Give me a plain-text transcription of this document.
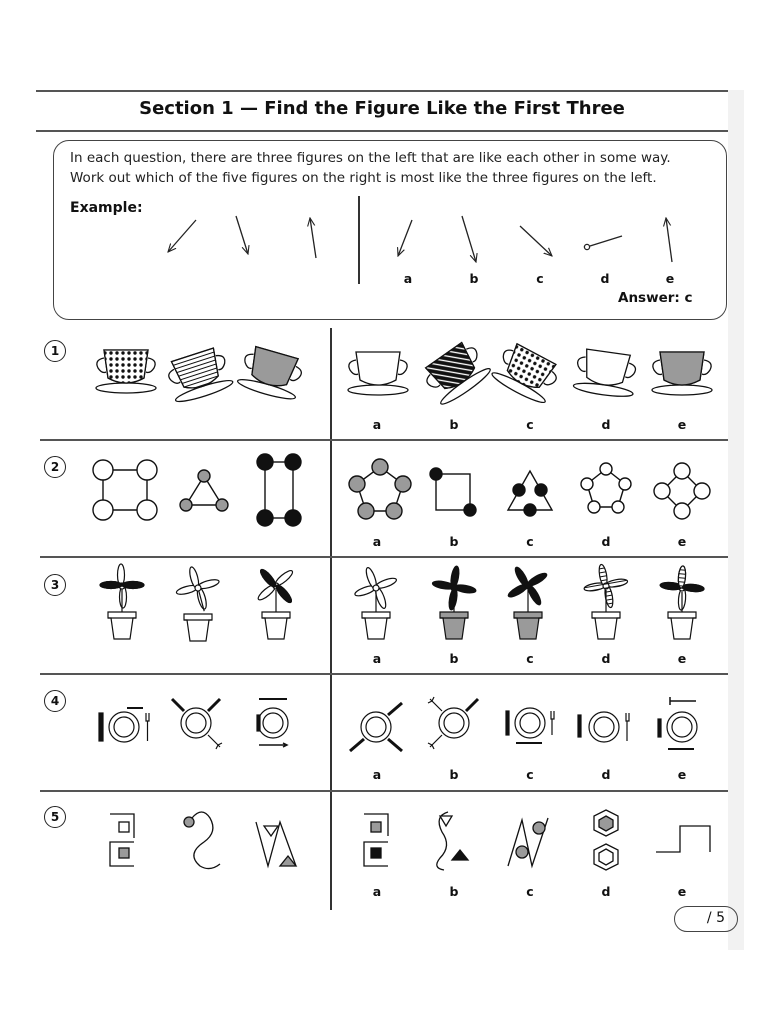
Section 1 — Find the Figure Like the First Three
In each question, there are three figures on the left that are like each other in some way.
Work out which of the five figures on the right is most like the three figures on the left.
Example:
a	b	c	d	e
Answer: c
1
2
3
4
5
a	b	c	d	e
a	b	c	d	e
a	b	c	d	e
a	b	c	d	e
a	b	c	d	e
/ 5
